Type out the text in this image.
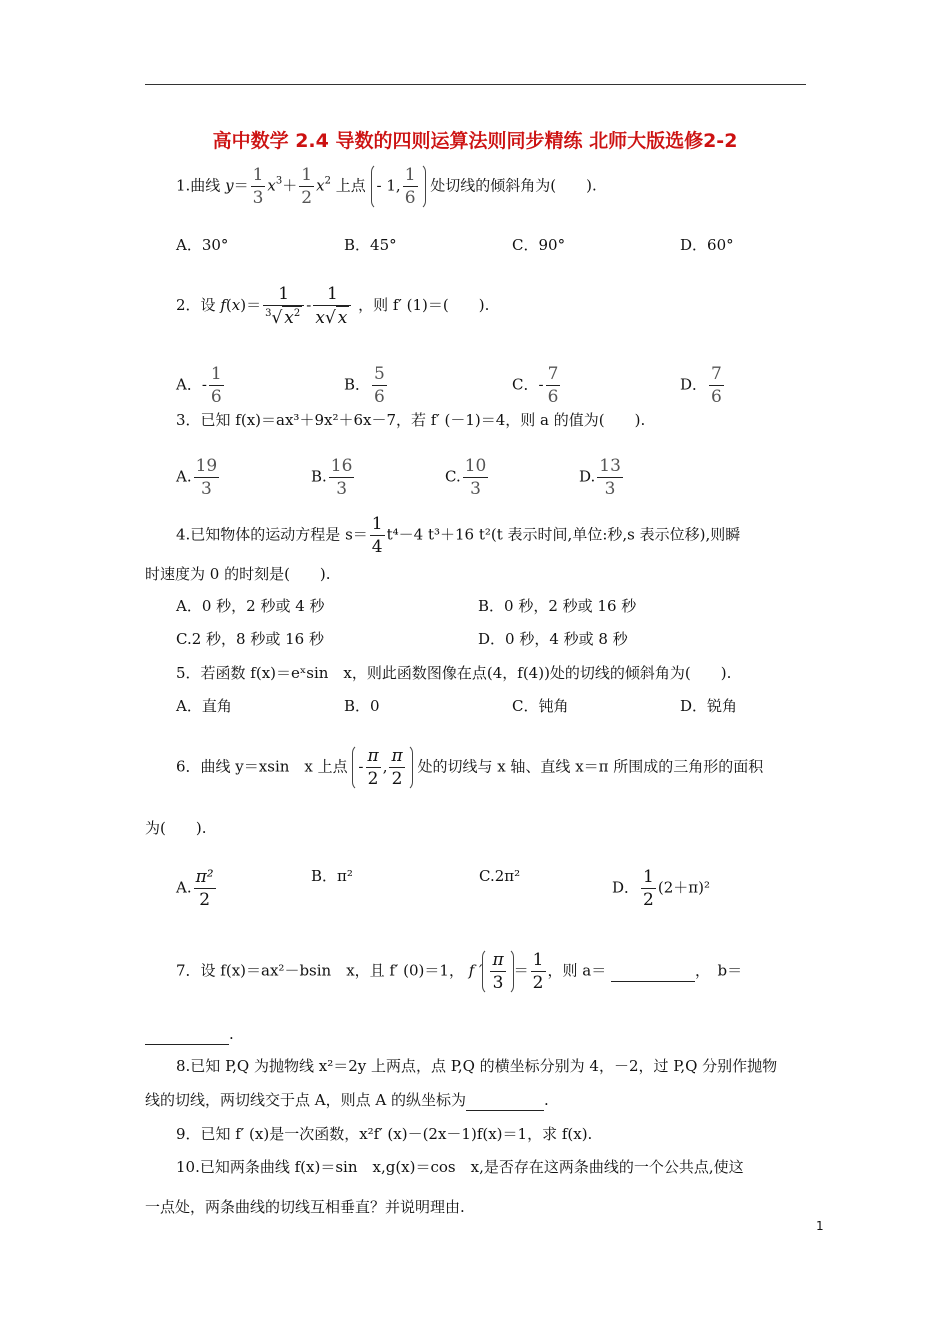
高中数学 2.4 导数的四则运算法则同步精练 北师大版选修2-2
1.曲线 $y= \frac{1}{3} x^3+ \frac{1}{2} x^2$ 上点 - 1, $\frac{1}{6}$ 处切线的倾斜角为(　　).
A．30°	B．45°	C．90°	D．60°
2．设 $f(x)= \frac{1}{^3√ x^2} - \frac{1}{x√ x}$ ，则 f′ (1)＝(　　).
A．- $\frac{1}{6}$	B． $\frac{5}{6}$	C．- $\frac{7}{6}$	D． $\frac{7}{6}$
3．已知 f(x)＝ax³＋9x²＋6x－7，若 f′ (－1)＝4，则 a 的值为(　　).
A. $\frac{19}{3}$	B. $\frac{16}{3}$	C. $\frac{10}{3}$	D. $\frac{13}{3}$
4.已知物体的运动方程是 $s= \frac{1}{4} t^4-4$ t³＋16 t²(t 表示时间,单位:秒,s 表示位移),则瞬
时速度为 0 的时刻是(　　).
A．0 秒，2 秒或 4 秒	B．0 秒，2 秒或 16 秒
C.2 秒，8 秒或 16 秒	D．0 秒，4 秒或 8 秒
5．若函数 f(x)＝eˣsin　x，则此函数图像在点(4，f(4))处的切线的倾斜角为(　　).
A．直角	B．0	C．钝角	D．锐角
6．曲线 y＝xsin　x 上点 - $\frac{\pi}{2}$ , $\frac{\pi}{2}$ 处的切线与 x 轴、直线 x＝π 所围成的三角形的面积
为(　　).
A. $\frac{\text{π²}}{2}$	B．π²	C.2π²
D． $\frac{1}{2} (2+\pi)^2$
7．设 f(x)＝ax²－bsin　x，且 f′ (0)＝1， f ′ $\frac{\pi}{3} = \frac{1}{2}$ ，则 a＝	，　b＝
.
8.已知 P,Q 为抛物线 x²＝2y 上两点，点 P,Q 的横坐标分别为 4，－2，过 P,Q 分别作抛物
线的切线，两切线交于点 A，则点 A 的纵坐标为	.
9．已知 f′ (x)是一次函数，x²f′ (x)－(2x－1)f(x)＝1，求 f(x).
10.已知两条曲线 f(x)＝sin　x,g(x)＝cos　x,是否存在这两条曲线的一个公共点,使这
一点处，两条曲线的切线互相垂直？并说明理由.
1
